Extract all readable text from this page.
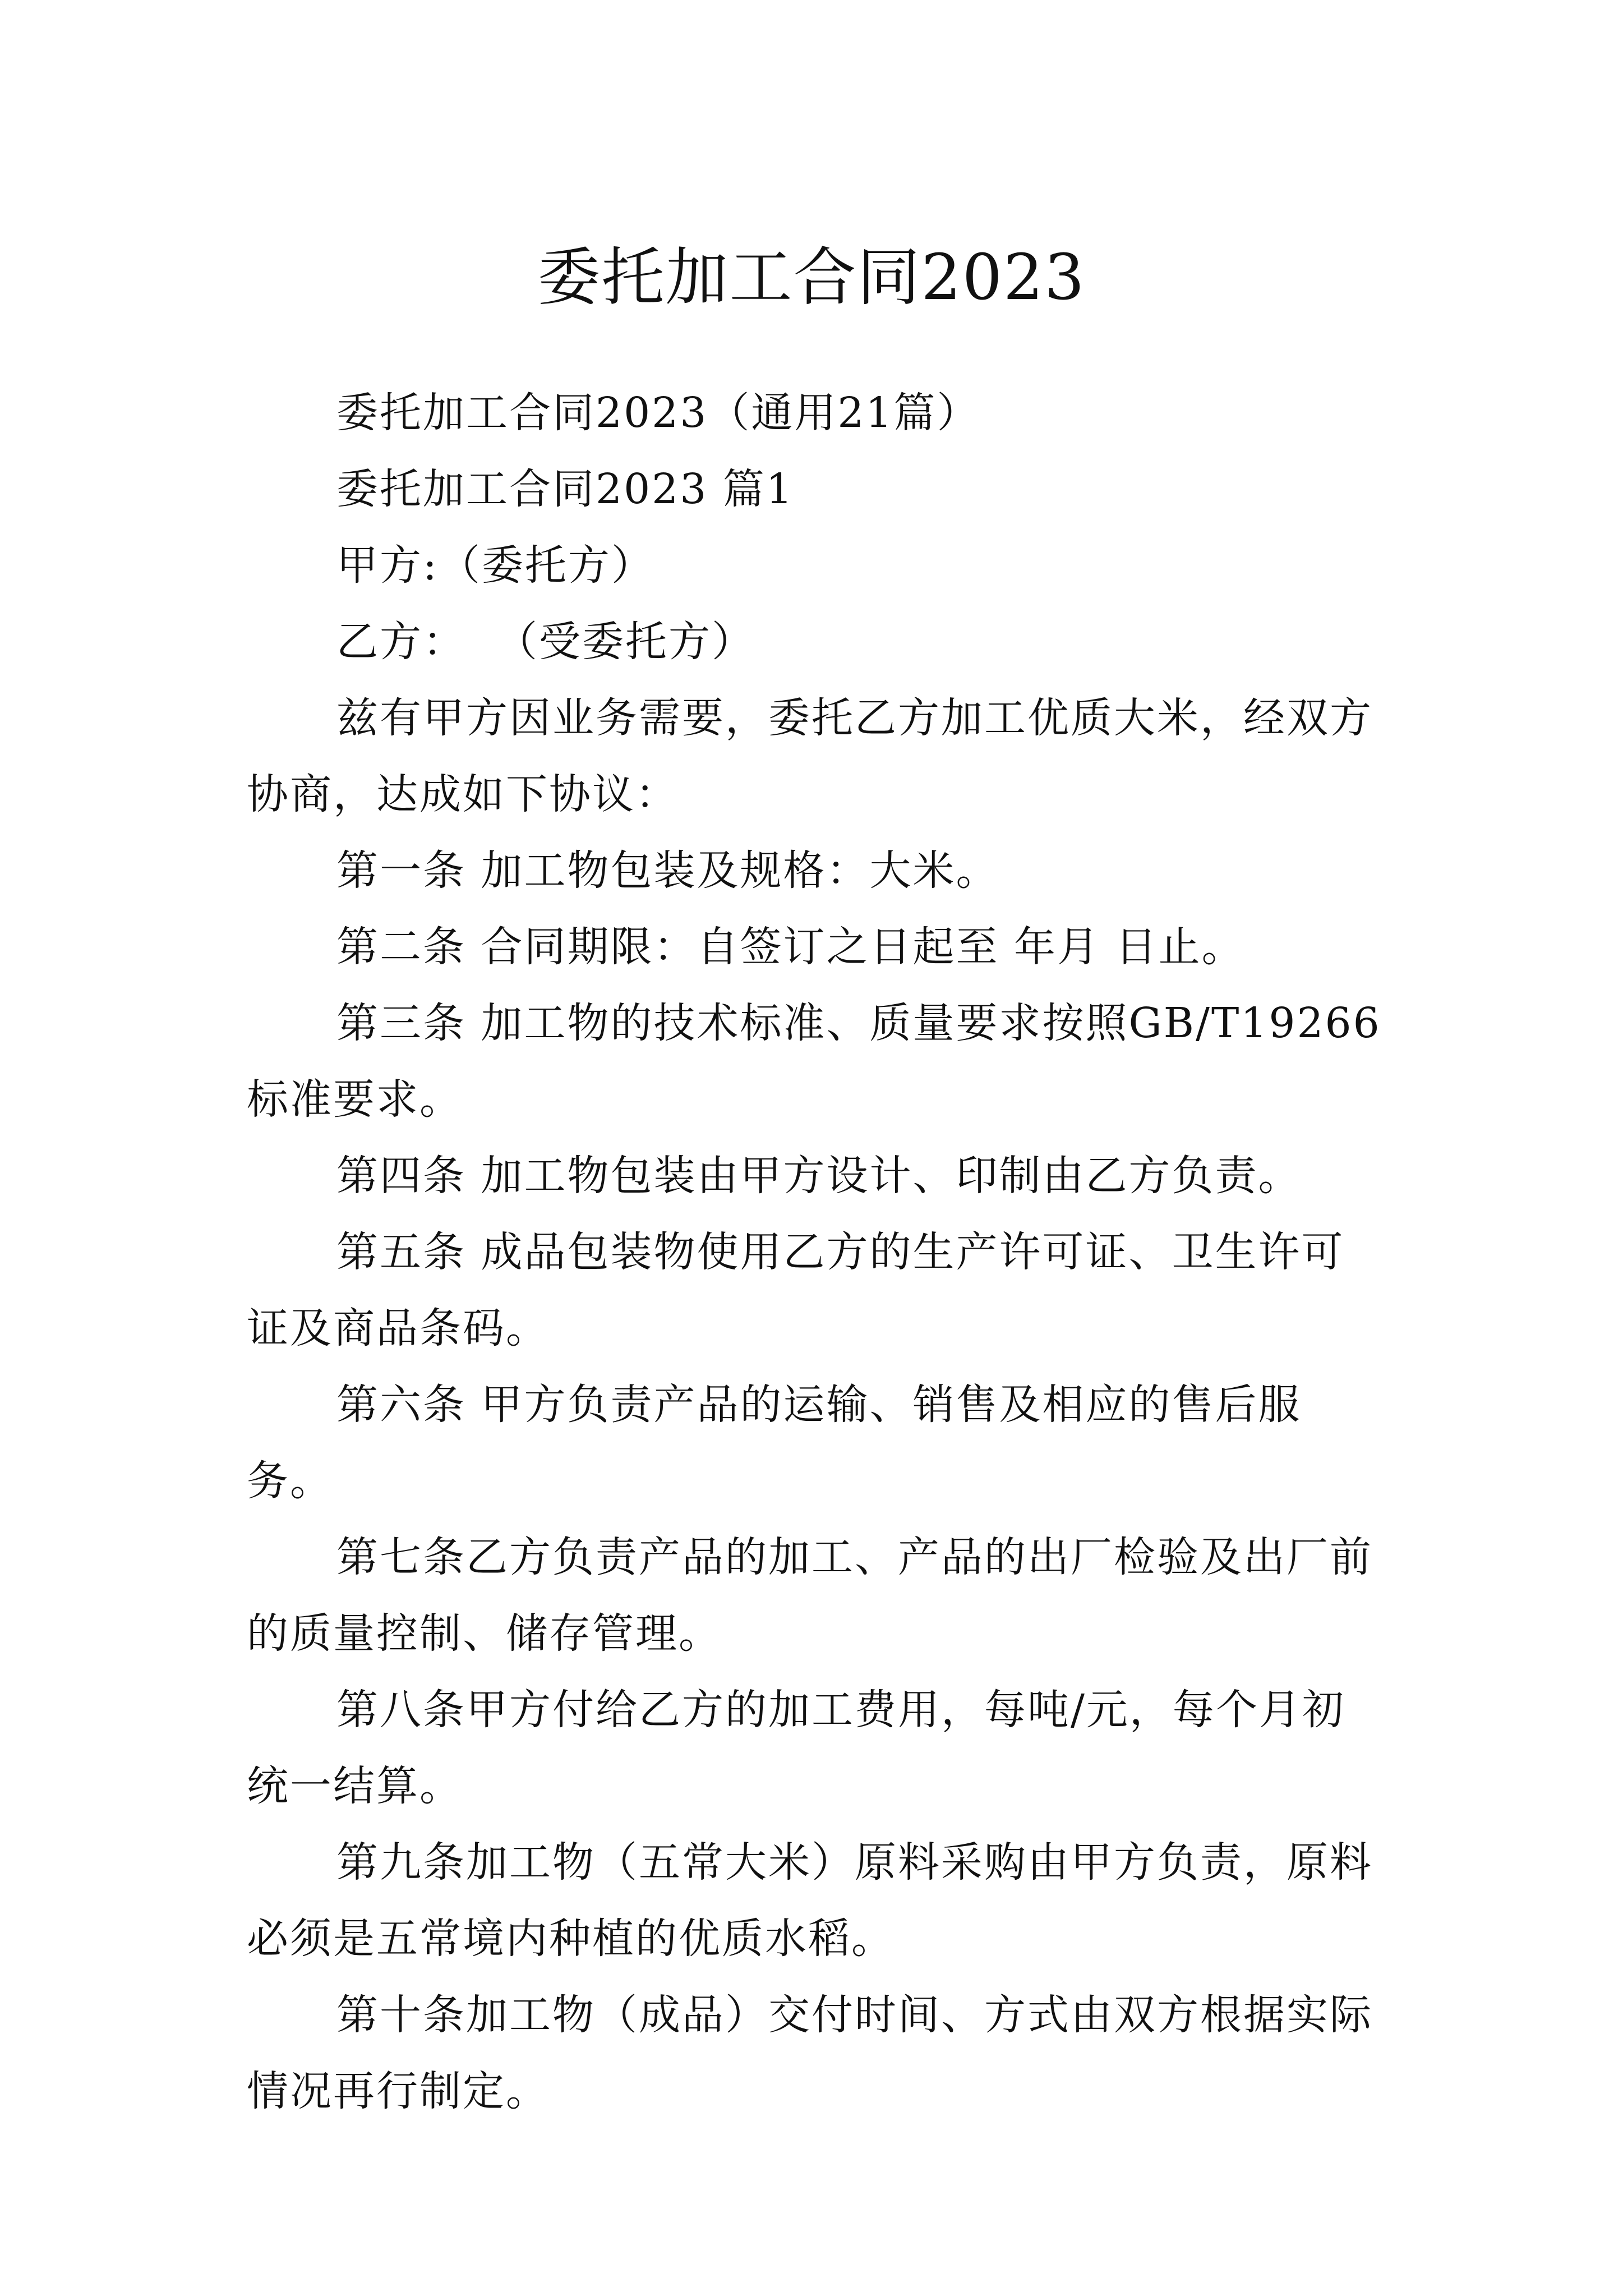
委托加工合同2023

委托加工合同2023（通用21篇）

委托加工合同2023 篇1

甲方:（委托方）

乙方：  （受委托方）

兹有甲方因业务需要，委托乙方加工优质大米，经双方协商，达成如下协议：

第一条 加工物包装及规格：大米。

第二条 合同期限：自签订之日起至 年月 日止。

第三条 加工物的技术标准、质量要求按照GB/T19266标准要求。

第四条 加工物包装由甲方设计、印制由乙方负责。

第五条 成品包装物使用乙方的生产许可证、卫生许可证及商品条码。

第六条 甲方负责产品的运输、销售及相应的售后服务。

第七条乙方负责产品的加工、产品的出厂检验及出厂前的质量控制、储存管理。

第八条甲方付给乙方的加工费用，每吨/元，每个月初统一结算。

第九条加工物（五常大米）原料采购由甲方负责，原料必须是五常境内种植的优质水稻。

第十条加工物（成品）交付时间、方式由双方根据实际情况再行制定。
